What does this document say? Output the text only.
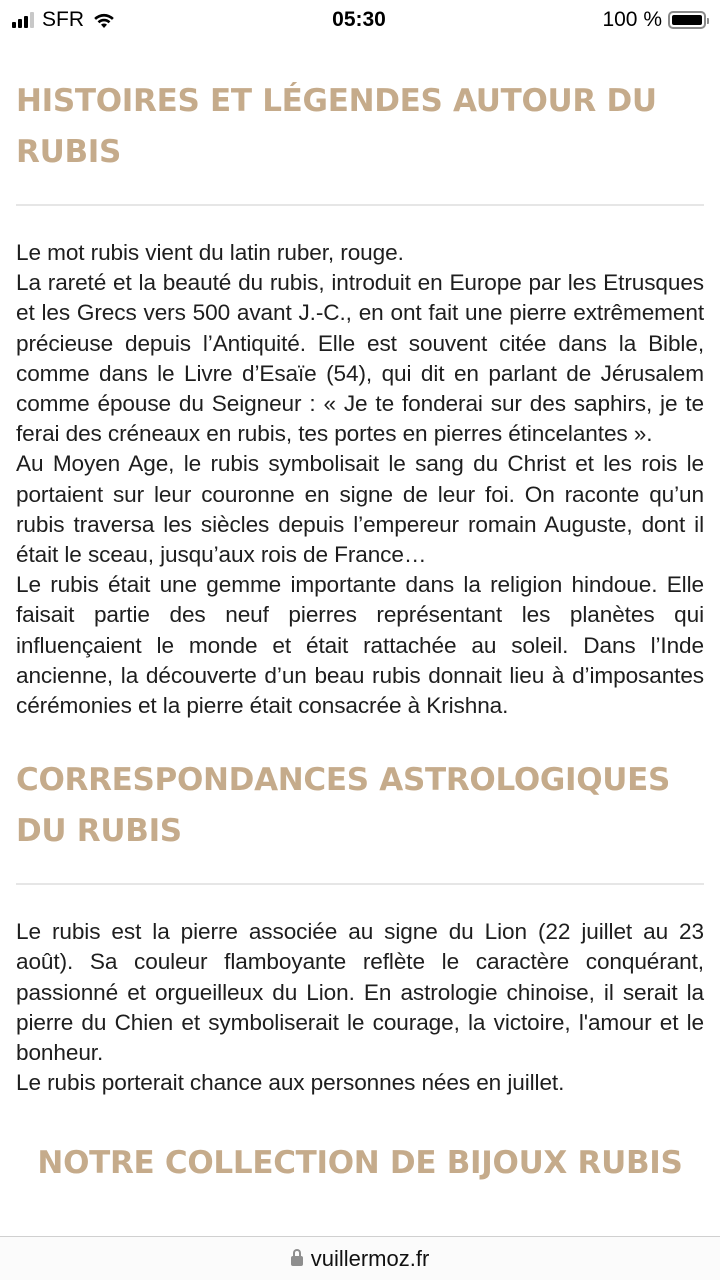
SFR	05:30	100 %
HISTOIRES ET LÉGENDES AUTOUR DU RUBIS

Le mot rubis vient du latin ruber, rouge.

La rareté et la beauté du rubis, introduit en Europe par les Etrusques et les Grecs vers 500 avant J.-C., en ont fait une pierre extrêmement précieuse depuis l’Antiquité. Elle est souvent citée dans la Bible, comme dans le Livre d’Esaïe (54), qui dit en parlant de Jérusalem comme épouse du Seigneur : « Je te fonderai sur des saphirs, je te ferai des créneaux en rubis, tes portes en pierres étincelantes ».

Au Moyen Age, le rubis symbolisait le sang du Christ et les rois le portaient sur leur couronne en signe de leur foi. On raconte qu’un rubis traversa les siècles depuis l’empereur romain Auguste, dont il était le sceau, jusqu’aux rois de France…

Le rubis était une gemme importante dans la religion hindoue. Elle faisait partie des neuf pierres représentant les planètes qui influençaient le monde et était rattachée au soleil. Dans l’Inde ancienne, la découverte d’un beau rubis donnait lieu à d’imposantes cérémonies et la pierre était consacrée à Krishna.

CORRESPONDANCES ASTROLOGIQUES DU RUBIS

Le rubis est la pierre associée au signe du Lion (22 juillet au 23 août). Sa couleur flamboyante reflète le caractère conquérant, passionné et orgueilleux du Lion. En astrologie chinoise, il serait la pierre du Chien et symboliserait le courage, la victoire, l'amour et le bonheur.

Le rubis porterait chance aux personnes nées en juillet.

NOTRE COLLECTION DE BIJOUX RUBIS
vuillermoz.fr
